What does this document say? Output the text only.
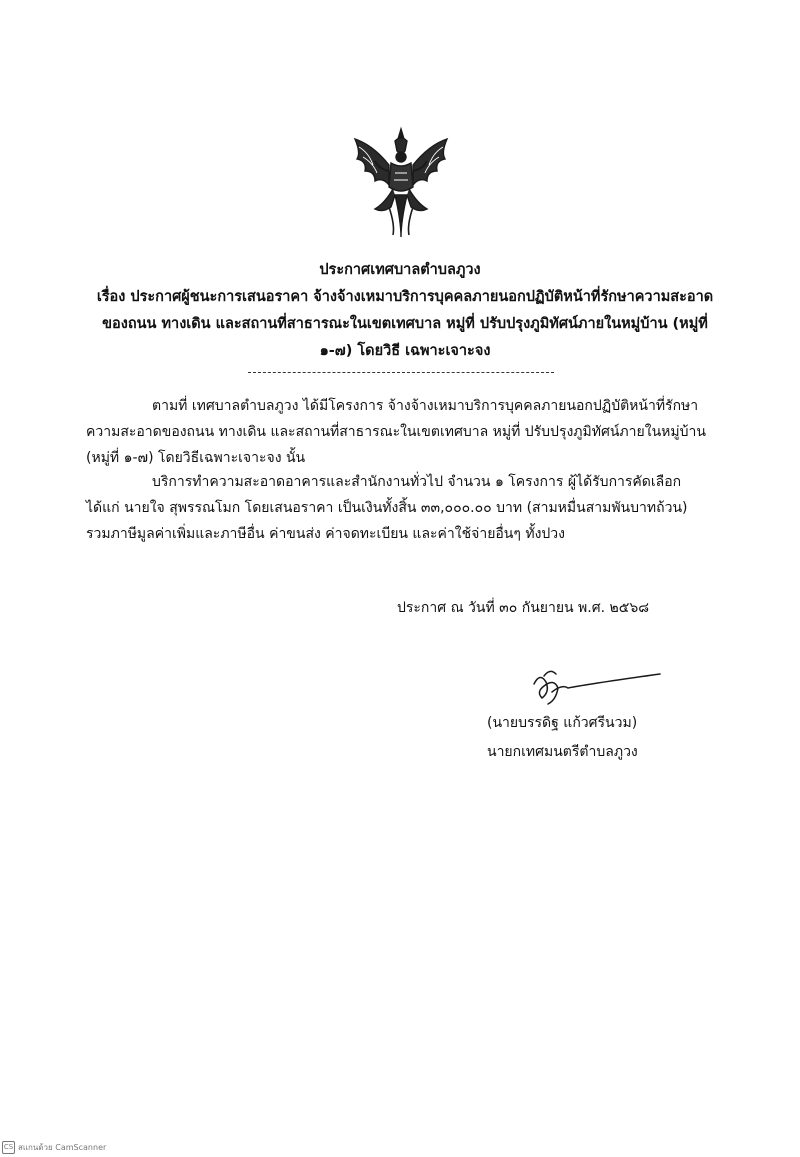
ประกาศเทศบาลตำบลภูวง
เรื่อง ประกาศผู้ชนะการเสนอราคา จ้างจ้างเหมาบริการบุคคลภายนอกปฏิบัติหน้าที่รักษาความสะอาดของถนน ทางเดิน และสถานที่สาธารณะในเขตเทศบาล หมู่ที่ ปรับปรุงภูมิทัศน์ภายในหมู่บ้าน (หมู่ที่ ๑-๗) โดยวิธี เฉพาะเจาะจง
ตามที่ เทศบาลตำบลภูวง ได้มีโครงการ จ้างจ้างเหมาบริการบุคคลภายนอกปฏิบัติหน้าที่รักษาความสะอาดของถนน ทางเดิน และสถานที่สาธารณะในเขตเทศบาล หมู่ที่ ปรับปรุงภูมิทัศน์ภายในหมู่บ้าน (หมู่ที่ ๑-๗) โดยวิธีเฉพาะเจาะจง นั้น
บริการทำความสะอาดอาคารและสำนักงานทั่วไป จำนวน ๑ โครงการ ผู้ได้รับการคัดเลือก ได้แก่ นายใจ สุพรรณโมก โดยเสนอราคา เป็นเงินทั้งสิ้น ๓๓,๐๐๐.๐๐ บาท (สามหมื่นสามพันบาทถ้วน) รวมภาษีมูลค่าเพิ่มและภาษีอื่น ค่าขนส่ง ค่าจดทะเบียน และค่าใช้จ่ายอื่นๆ ทั้งปวง
ประกาศ ณ วันที่ ๓๐ กันยายน พ.ศ. ๒๕๖๘
(นายบรรดิฐ แก้วศรีนวม)
นายกเทศมนตรีตำบลภูวง
CS สแกนด้วย CamScanner
